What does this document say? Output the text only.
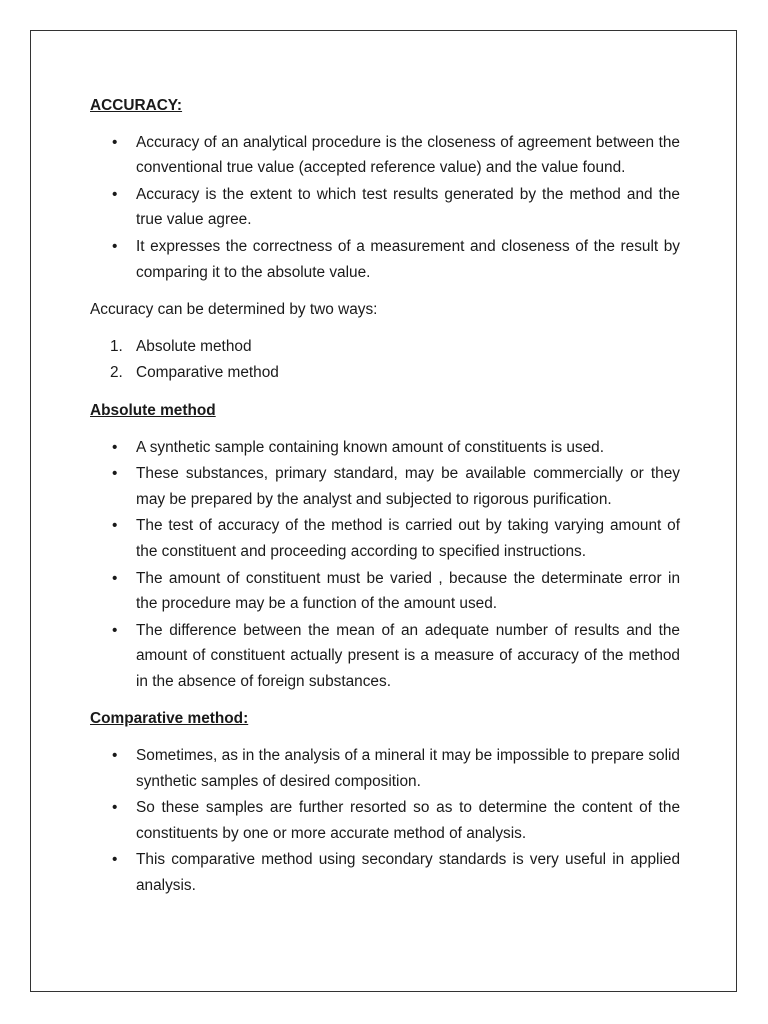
ACCURACY:
• Accuracy of an analytical procedure is the closeness of agreement between the conventional true value (accepted reference value) and the value found.
• Accuracy is the extent to which test results generated by the method and the true value agree.
• It expresses the correctness of a measurement and closeness of the result by comparing it to the absolute value.

Accuracy can be determined by two ways:

1. Absolute method
2. Comparative method
Absolute method
• A synthetic sample containing known amount of constituents is used.
• These substances, primary standard, may be available commercially or they may be prepared by the analyst and subjected to rigorous purification.
• The test of accuracy of the method is carried out by taking varying amount of the constituent and proceeding according to specified instructions.
• The amount of constituent must be varied , because the determinate error in the procedure may be a function of the amount used.
• The difference between the mean of an adequate number of results and the amount of constituent actually present is a measure of accuracy of the method in the absence of foreign substances.
Comparative method:
• Sometimes, as in the analysis of a mineral it may be impossible to prepare solid synthetic samples of desired composition.
• So these samples are further resorted so as to determine the content of the constituents by one or more accurate method of analysis.
• This comparative method using secondary standards is very useful in applied analysis.
